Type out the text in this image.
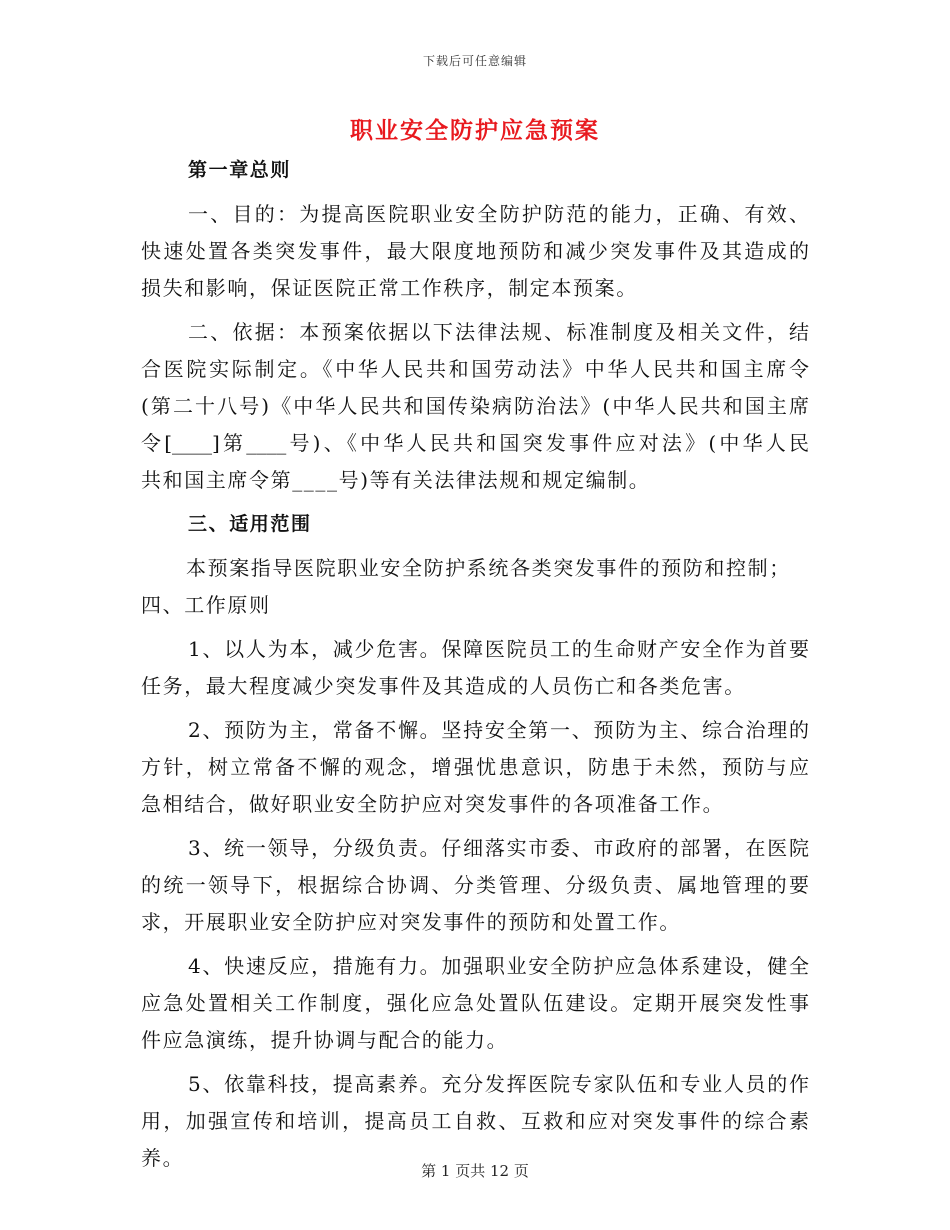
下载后可任意编辑
职业安全防护应急预案
第一章总则
一、目的：为提高医院职业安全防护防范的能力，正确、有效、
快速处置各类突发事件，最大限度地预防和减少突发事件及其造成的
损失和影响，保证医院正常工作秩序，制定本预案。
二、依据：本预案依据以下法律法规、标准制度及相关文件，结
合医院实际制定。《中华人民共和国劳动法》中华人民共和国主席令
(第二十八号)《中华人民共和国传染病防治法》(中华人民共和国主席
令[____]第____号)、《中华人民共和国突发事件应对法》(中华人民
共和国主席令第____号)等有关法律法规和规定编制。
三、适用范围
本预案指导医院职业安全防护系统各类突发事件的预防和控制；
四、工作原则
1、以人为本，减少危害。保障医院员工的生命财产安全作为首要
任务，最大程度减少突发事件及其造成的人员伤亡和各类危害。
2、预防为主，常备不懈。坚持安全第一、预防为主、综合治理的
方针，树立常备不懈的观念，增强忧患意识，防患于未然，预防与应
急相结合，做好职业安全防护应对突发事件的各项准备工作。
3、统一领导，分级负责。仔细落实市委、市政府的部署，在医院
的统一领导下，根据综合协调、分类管理、分级负责、属地管理的要
求，开展职业安全防护应对突发事件的预防和处置工作。
4、快速反应，措施有力。加强职业安全防护应急体系建设，健全
应急处置相关工作制度，强化应急处置队伍建设。定期开展突发性事
件应急演练，提升协调与配合的能力。
5、依靠科技，提高素养。充分发挥医院专家队伍和专业人员的作
用，加强宣传和培训，提高员工自救、互救和应对突发事件的综合素
养。
第 1 页共 12 页
